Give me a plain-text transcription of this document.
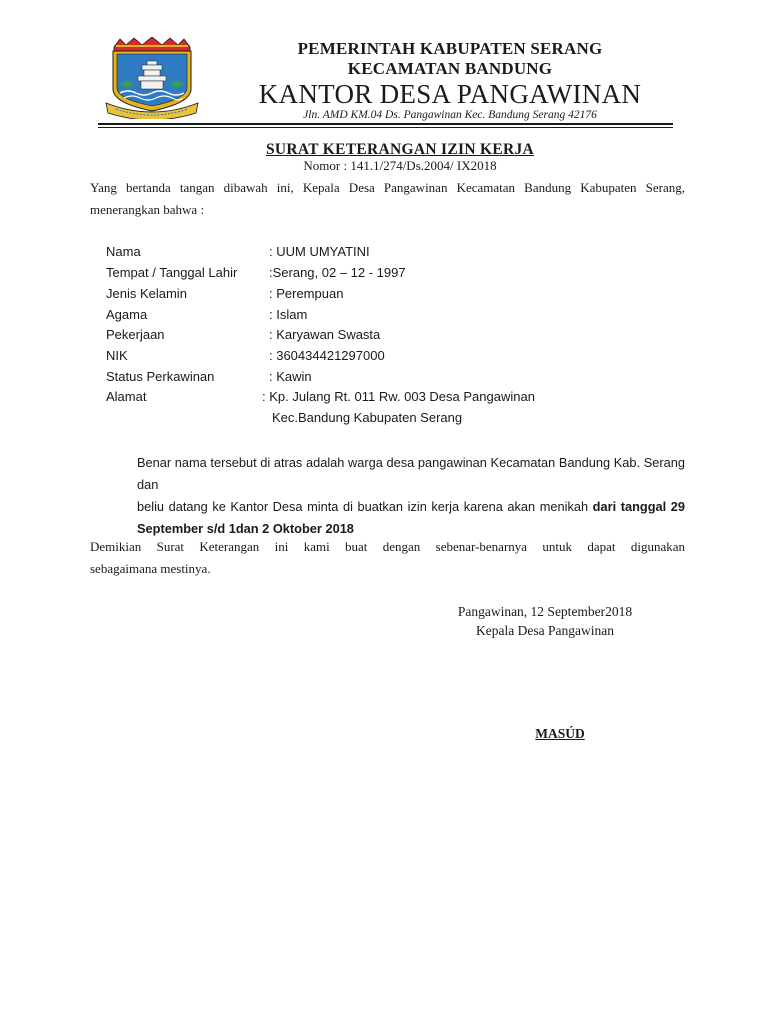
PEMERINTAH KABUPATEN SERANG
KECAMATAN BANDUNG
KANTOR DESA PANGAWINAN
Jln. AMD KM.04 Ds. Pangawinan Kec. Bandung Serang 42176
SURAT KETERANGAN IZIN KERJA
Nomor : 141.1/274/Ds.2004/ IX2018
Yang bertanda tangan dibawah ini, Kepala Desa Pangawinan Kecamatan Bandung Kabupaten Serang,
menerangkan bahwa :
Nama	: UUM UMYATINI
Tempat / Tanggal Lahir :Serang, 02 – 12 - 1997
Jenis Kelamin	: Perempuan
Agama	: Islam
Pekerjaan	: Karyawan Swasta
NIK	: 360434421297000
Status Perkawinan	: Kawin
Alamat	: Kp. Julang Rt. 011 Rw. 003 Desa Pangawinan
Kec.Bandung Kabupaten Serang
Benar nama tersebut di atras adalah warga desa pangawinan Kecamatan Bandung Kab. Serang dan
beliu datang ke Kantor Desa minta di buatkan izin kerja karena akan menikah dari tanggal 29
September s/d 1dan 2 Oktober 2018
Demikian Surat Keterangan ini kami buat dengan sebenar-benarnya untuk dapat digunakan
sebagaimana mestinya.
Pangawinan, 12 September2018
Kepala Desa Pangawinan
MASÚD
